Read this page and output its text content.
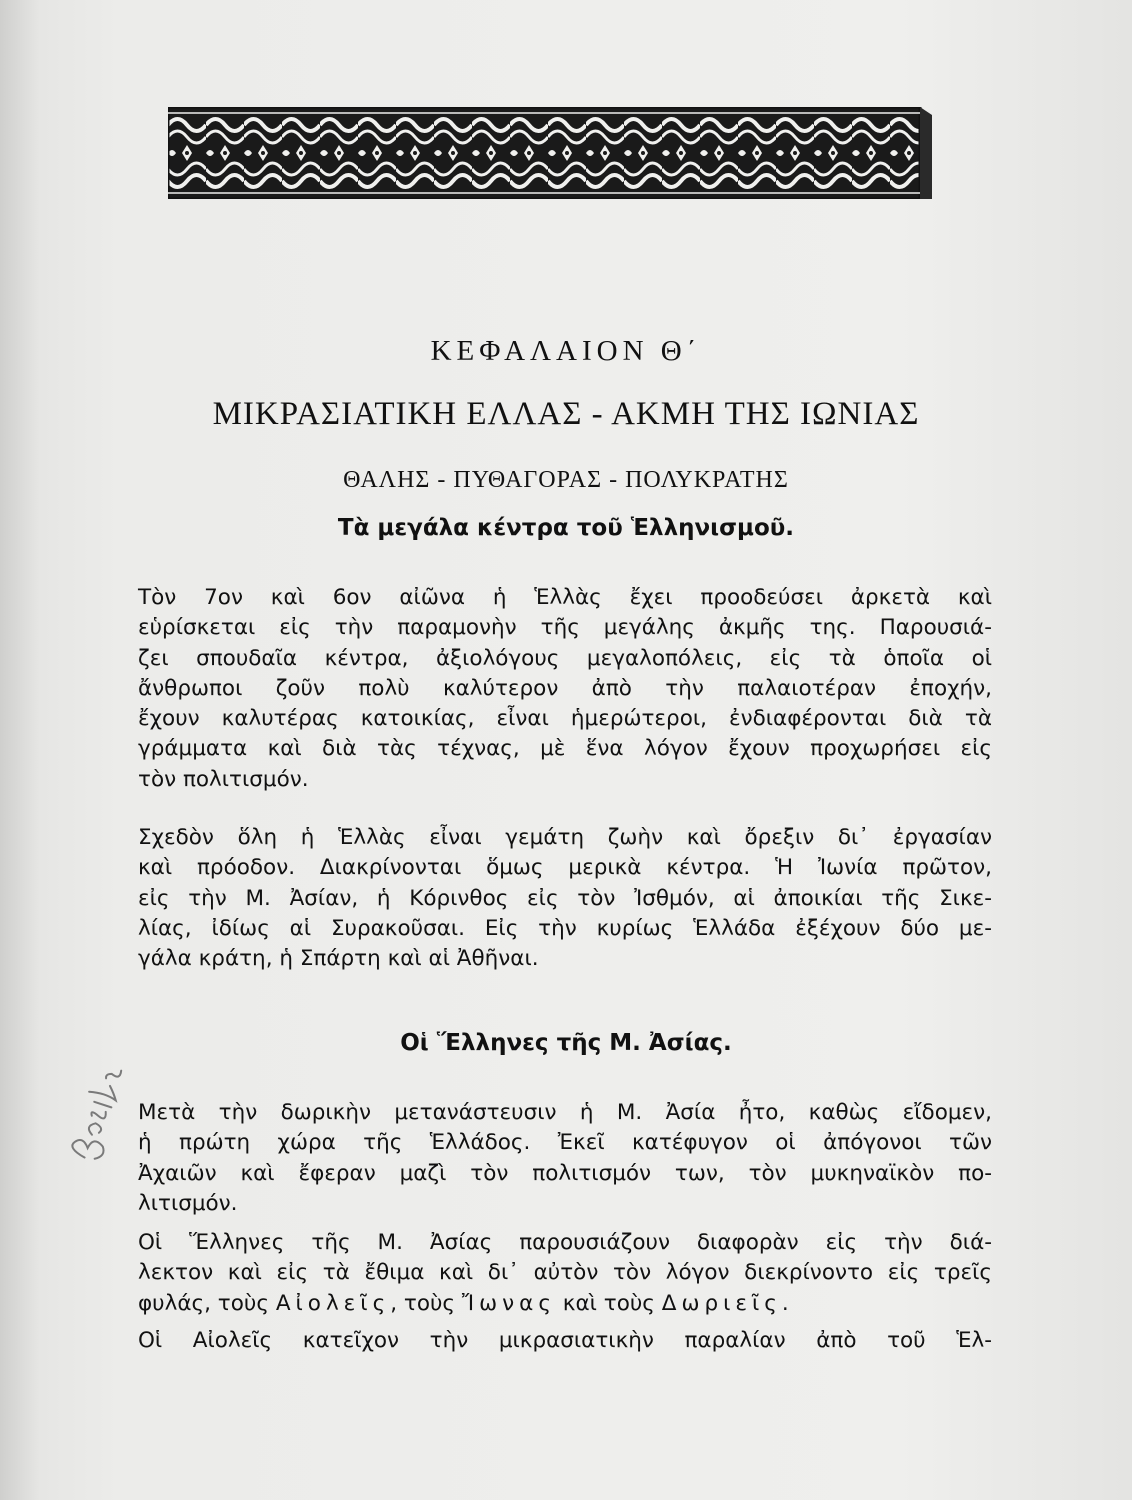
ΚΕΦΑΛΑΙΟΝ Θ΄
ΜΙΚΡΑΣΙΑΤΙΚΗ ΕΛΛΑΣ - ΑΚΜΗ ΤΗΣ ΙΩΝΙΑΣ
ΘΑΛΗΣ - ΠΥΘΑΓΟΡΑΣ - ΠΟΛΥΚΡΑΤΗΣ
Τὰ μεγάλα κέντρα τοῦ Ἑλληνισμοῦ.
Τὸν 7ον καὶ 6ον αἰῶνα ἡ Ἑλλὰς ἔχει προοδεύσει ἀρκετὰ καὶ
εὑρίσκεται εἰς τὴν παραμονὴν τῆς μεγάλης ἀκμῆς της. Παρουσιά-
ζει σπουδαῖα κέντρα, ἀξιολόγους μεγαλοπόλεις, εἰς τὰ ὁποῖα οἱ
ἄνθρωποι ζοῦν πολὺ καλύτερον ἀπὸ τὴν παλαιοτέραν ἐποχήν,
ἔχουν καλυτέρας κατοικίας, εἶναι ἡμερώτεροι, ἐνδιαφέρονται διὰ τὰ
γράμματα καὶ διὰ τὰς τέχνας, μὲ ἕνα λόγον ἔχουν προχωρήσει εἰς
τὸν πολιτισμόν.
Σχεδὸν ὅλη ἡ Ἑλλὰς εἶναι γεμάτη ζωὴν καὶ ὄρεξιν δι᾽ ἐργασίαν
καὶ πρόοδον. Διακρίνονται ὅμως μερικὰ κέντρα. Ἡ Ἰωνία πρῶτον,
εἰς τὴν Μ. Ἀσίαν, ἡ Κόρινθος εἰς τὸν Ἰσθμόν, αἱ ἀποικίαι τῆς Σικε-
λίας, ἰδίως αἱ Συρακοῦσαι. Εἰς τὴν κυρίως Ἑλλάδα ἐξέχουν δύο με-
γάλα κράτη, ἡ Σπάρτη καὶ αἱ Ἀθῆναι.
Οἱ Ἕλληνες τῆς Μ. Ἀσίας.
Μετὰ τὴν δωρικὴν μετανάστευσιν ἡ Μ. Ἀσία ἦτο, καθὼς εἴδομεν,
ἡ πρώτη χώρα τῆς Ἑλλάδος. Ἐκεῖ κατέφυγον οἱ ἀπόγονοι τῶν
Ἀχαιῶν καὶ ἔφεραν μαζὶ τὸν πολιτισμόν των, τὸν μυκηναϊκὸν πο-
λιτισμόν.
Οἱ Ἕλληνες τῆς Μ. Ἀσίας παρουσιάζουν διαφορὰν εἰς τὴν διά-
λεκτον καὶ εἰς τὰ ἔθιμα καὶ δι᾽ αὐτὸν τὸν λόγον διεκρίνοντο εἰς τρεῖς
φυλάς, τοὺς Αἰολεῖς, τοὺς Ἴωνας καὶ τοὺς Δωριεῖς.
Οἱ Αἰολεῖς κατεῖχον τὴν μικρασιατικὴν παραλίαν ἀπὸ τοῦ Ἑλ-
